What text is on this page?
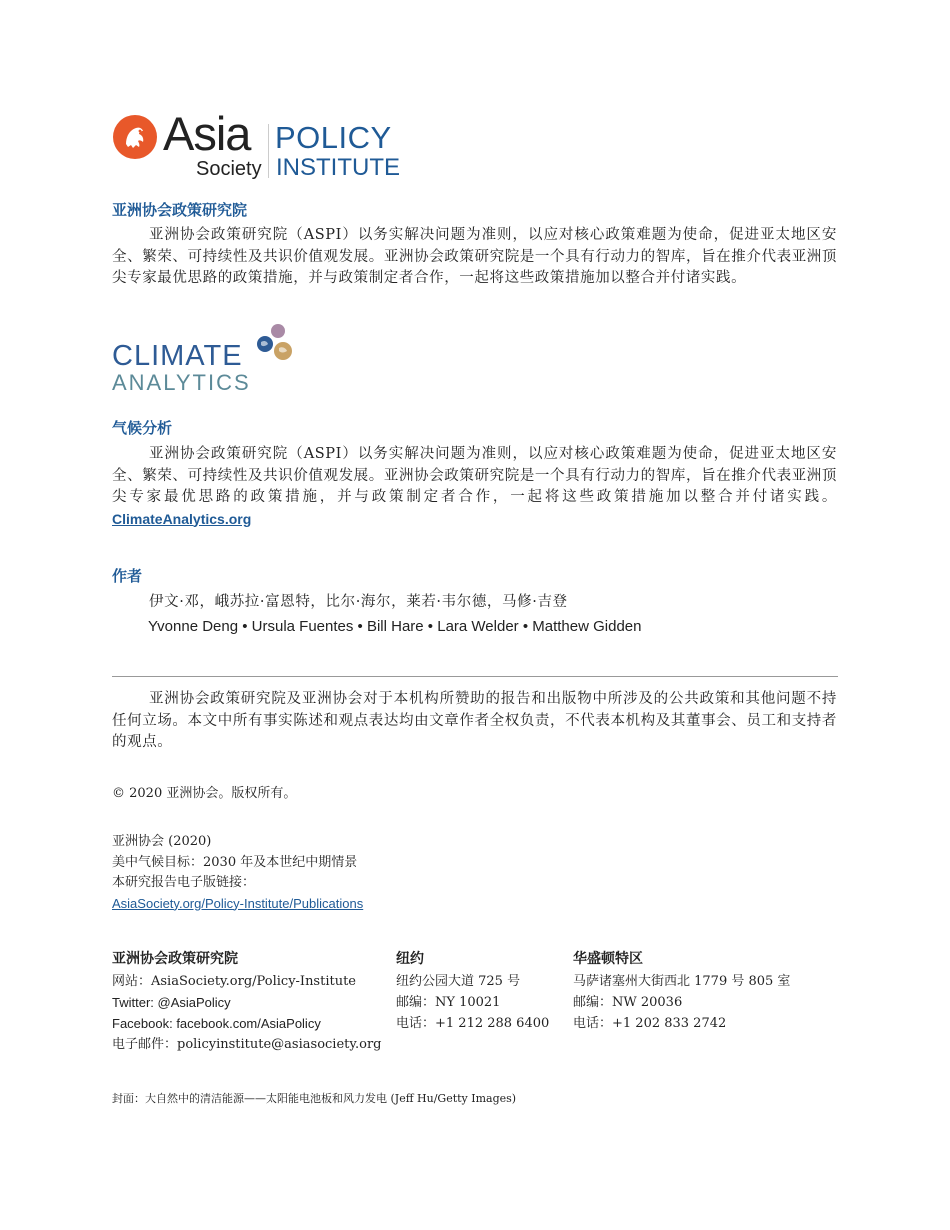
Asia
Society
POLICY
INSTITUTE
亚洲协会政策研究院
亚洲协会政策研究院（ASPI）以务实解决问题为准则，以应对核心政策难题为使命，促进亚太地区安全、繁荣、可持续性及共识价值观发展。亚洲协会政策研究院是一个具有行动力的智库，旨在推介代表亚洲顶尖专家最优思路的政策措施，并与政策制定者合作，一起将这些政策措施加以整合并付诸实践。
CLIMATE
ANALYTICS
气候分析
亚洲协会政策研究院（ASPI）以务实解决问题为准则，以应对核心政策难题为使命，促进亚太地区安全、繁荣、可持续性及共识价值观发展。亚洲协会政策研究院是一个具有行动力的智库，旨在推介代表亚洲顶尖专家最优思路的政策措施，并与政策制定者合作，一起将这些政策措施加以整合并付诸实践。ClimateAnalytics.org
作者
伊文·邓，峨苏拉·富恩特，比尔·海尔，莱若·韦尔德，马修·吉登
Yvonne Deng • Ursula Fuentes • Bill Hare • Lara Welder • Matthew Gidden
亚洲协会政策研究院及亚洲协会对于本机构所赞助的报告和出版物中所涉及的公共政策和其他问题不持任何立场。本文中所有事实陈述和观点表达均由文章作者全权负责，不代表本机构及其董事会、员工和支持者的观点。
© 2020 亚洲协会。版权所有。
亚洲协会 (2020)
美中气候目标：2030 年及本世纪中期情景
本研究报告电子版链接：
AsiaSociety.org/Policy-Institute/Publications
亚洲协会政策研究院
网站：AsiaSociety.org/Policy-Institute
Twitter: @AsiaPolicy
Facebook: facebook.com/AsiaPolicy
电子邮件：policyinstitute@asiasociety.org
纽约
纽约公园大道 725 号
邮编：NY 10021
电话：+1 212 288 6400
华盛顿特区
马萨诸塞州大街西北 1779 号 805 室
邮编：NW 20036
电话：+1 202 833 2742
封面：大自然中的清洁能源——太阳能电池板和风力发电 (Jeff Hu/Getty Images)
